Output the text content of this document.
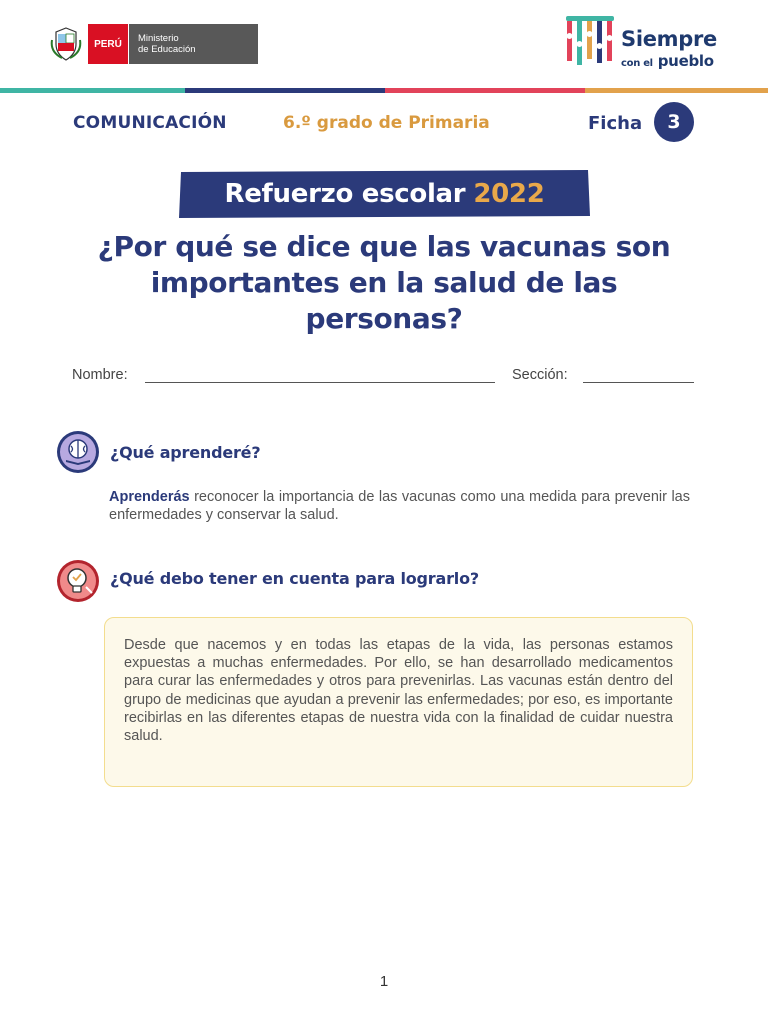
PERÚ	Ministerio
de Educación	Siempre
con el pueblo
COMUNICACIÓN	6.º grado de Primaria	Ficha	3
Refuerzo escolar 2022
¿Por qué se dice que las vacunas son importantes en la salud de las personas?
Nombre:	Sección:
¿Qué aprenderé?
Aprenderás reconocer la importancia de las vacunas como una medida para prevenir las enfermedades y conservar la salud.
¿Qué debo tener en cuenta para lograrlo?
Desde que nacemos y en todas las etapas de la vida, las personas estamos expuestas a muchas enfermedades. Por ello, se han desarrollado medicamentos para curar las enfermedades y otros para prevenirlas. Las vacunas están dentro del grupo de medicinas que ayudan a prevenir las enfermedades; por eso, es importante recibirlas en las diferentes etapas de nuestra vida con la finalidad de cuidar nuestra salud.
1
